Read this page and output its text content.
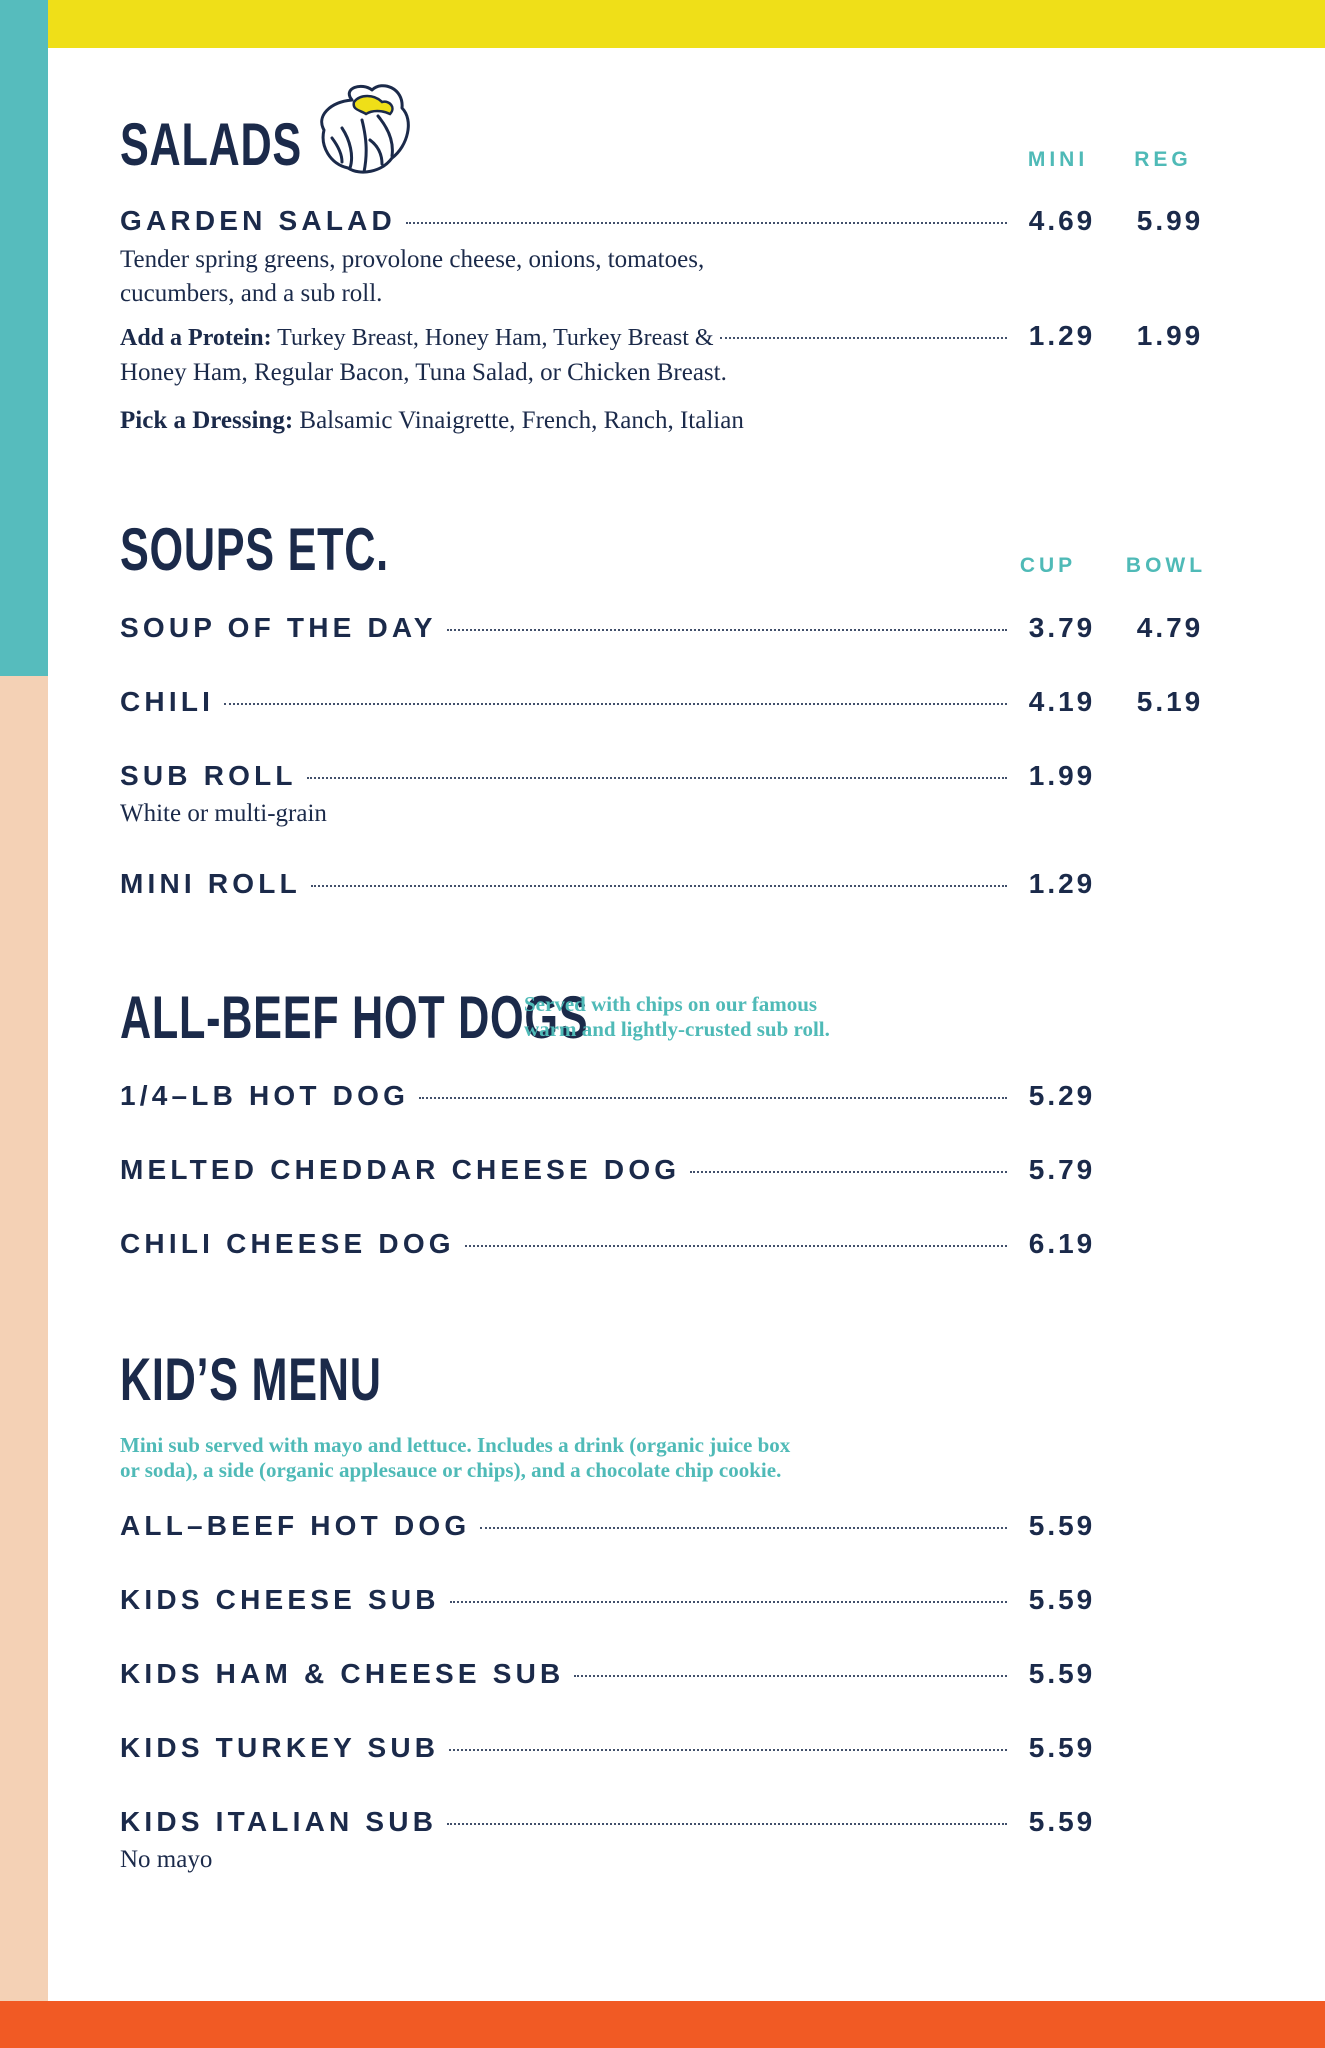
SALADS	MINI	REG
GARDEN SALAD	4.69	5.99

Tender spring greens, provolone cheese, onions, tomatoes,
cucumbers, and a sub roll.

Add a Protein: Turkey Breast, Honey Ham, Turkey Breast &	1.29	1.99

Honey Ham, Regular Bacon, Tuna Salad, or Chicken Breast.

Pick a Dressing: Balsamic Vinaigrette, French, Ranch, Italian

SOUPS ETC.	CUP	BOWL
SOUP OF THE DAY	3.79	4.79
CHILI	4.19	5.19
SUB ROLL	1.99

White or multi-grain

MINI ROLL	1.29
ALL-BEEF HOT DOGS

Served with chips on our famous
warm and lightly-crusted sub roll.

1/4–LB HOT DOG	5.29
MELTED CHEDDAR CHEESE DOG	5.79
CHILI CHEESE DOG	6.19
KID’S MENU

Mini sub served with mayo and lettuce. Includes a drink (organic juice box
or soda), a side (organic applesauce or chips), and a chocolate chip cookie.

ALL–BEEF HOT DOG	5.59
KIDS CHEESE SUB	5.59
KIDS HAM & CHEESE SUB	5.59
KIDS TURKEY SUB	5.59
KIDS ITALIAN SUB	5.59

No mayo
